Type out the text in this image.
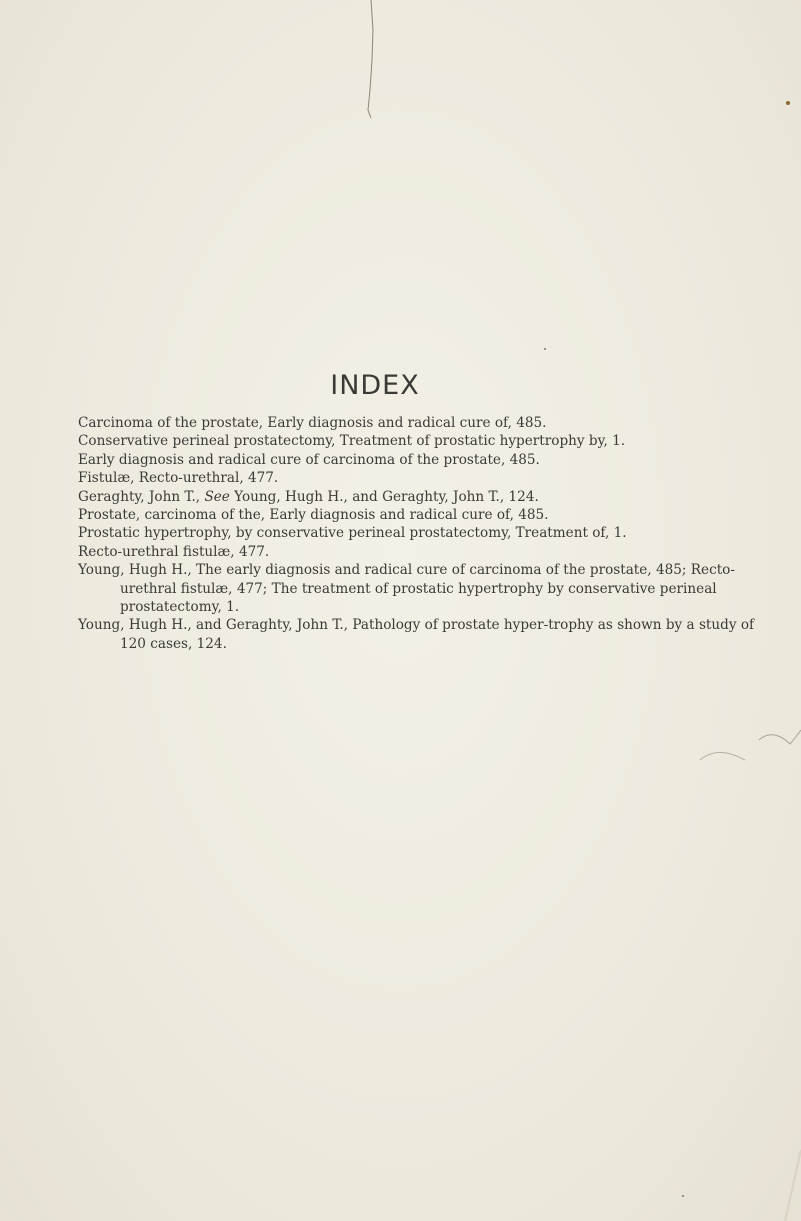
INDEX

Carcinoma of the prostate, Early diagnosis and radical cure of, 485.

Conservative perineal prostatectomy, Treatment of prostatic hypertrophy by, 1.

Early diagnosis and radical cure of carcinoma of the prostate, 485.

Fistulæ, Recto-urethral, 477.

Geraghty, John T., See Young, Hugh H., and Geraghty, John T., 124.

Prostate, carcinoma of the, Early diagnosis and radical cure of, 485.

Prostatic hypertrophy, by conservative perineal prostatectomy, Treatment of, 1.

Recto-urethral fistulæ, 477.

Young, Hugh H., The early diagnosis and radical cure of carcinoma of the prostate, 485; Recto-urethral fistulæ, 477; The treatment of prostatic hypertrophy by conservative perineal prostatectomy, 1.

Young, Hugh H., and Geraghty, John T., Pathology of prostate hyper-trophy as shown by a study of 120 cases, 124.
